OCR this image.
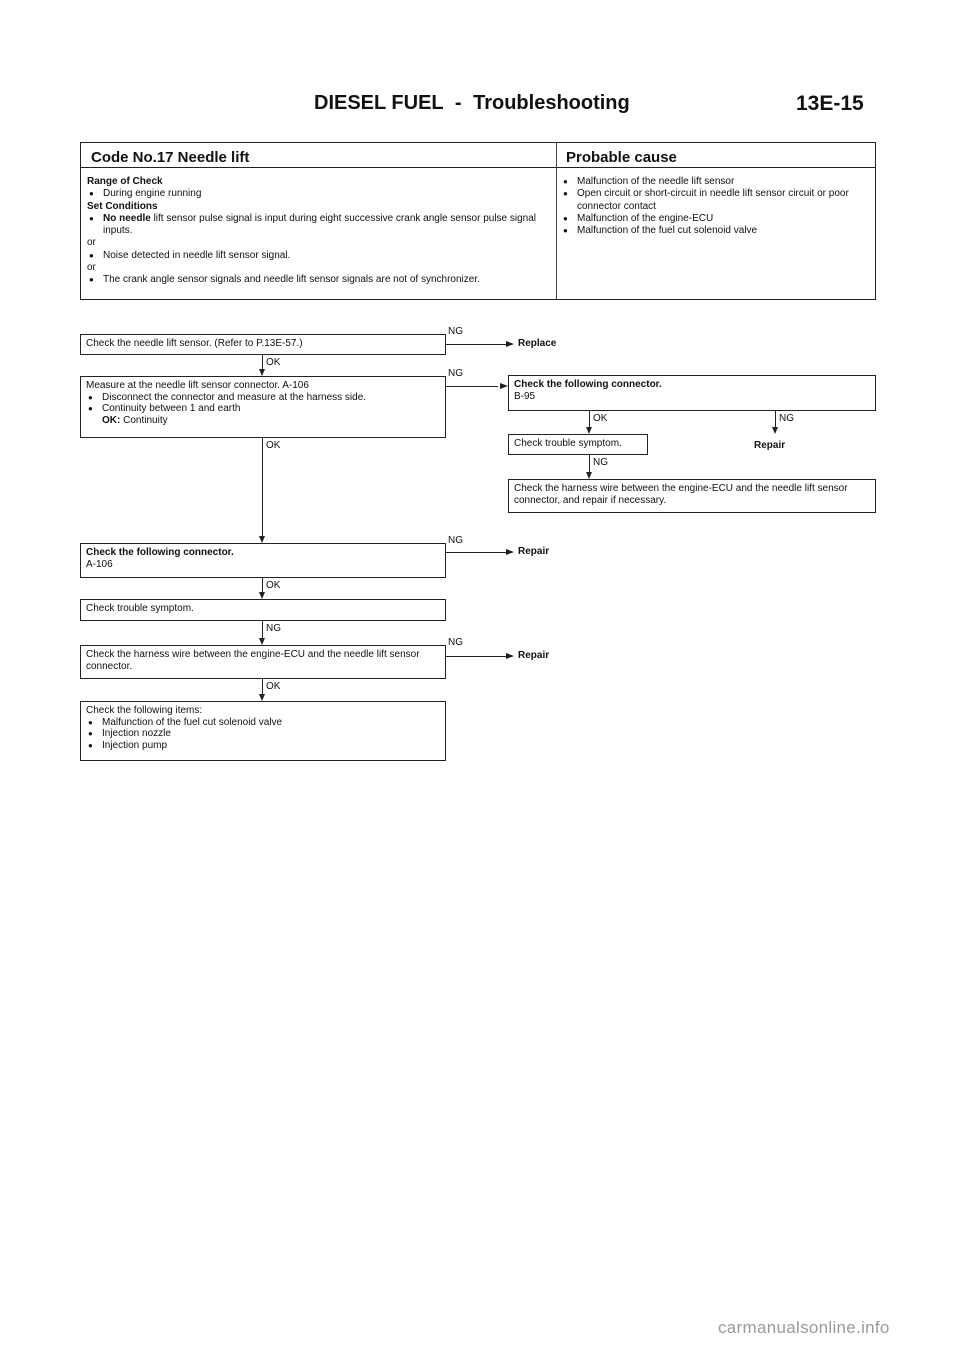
DIESEL FUEL - Troubleshooting	13E-15
Code No.17 Needle lift	Probable cause
Range of Check
● During engine running
Set Conditions
● No needle lift sensor pulse signal is input during eight successive crank angle sensor pulse signal inputs.
or
● Noise detected in needle lift sensor signal.
or
● The crank angle sensor signals and needle lift sensor signals are not of synchronizer.
● Malfunction of the needle lift sensor
● Open circuit or short-circuit in needle lift sensor circuit or poor connector contact
● Malfunction of the engine-ECU
● Malfunction of the fuel cut solenoid valve
Check the needle lift sensor. (Refer to P.13E-57.)
Measure at the needle lift sensor connector. A-106
● Disconnect the connector and measure at the harness side.
● Continuity between 1 and earth
OK: Continuity
Check the following connector.
B-95
Check trouble symptom.
Check the harness wire between the engine-ECU and the needle lift sensor connector, and repair if necessary.
Check the following connector.
A-106
Check trouble symptom.
Check the harness wire between the engine-ECU and the needle lift sensor connector.
Check the following items:
● Malfunction of the fuel cut solenoid valve
● Injection nozzle
● Injection pump
NG
Replace
OK
NG
OK	NG
Repair
NG
OK
NG
Repair
OK
NG
NG
Repair
OK
carmanualsonline.info
